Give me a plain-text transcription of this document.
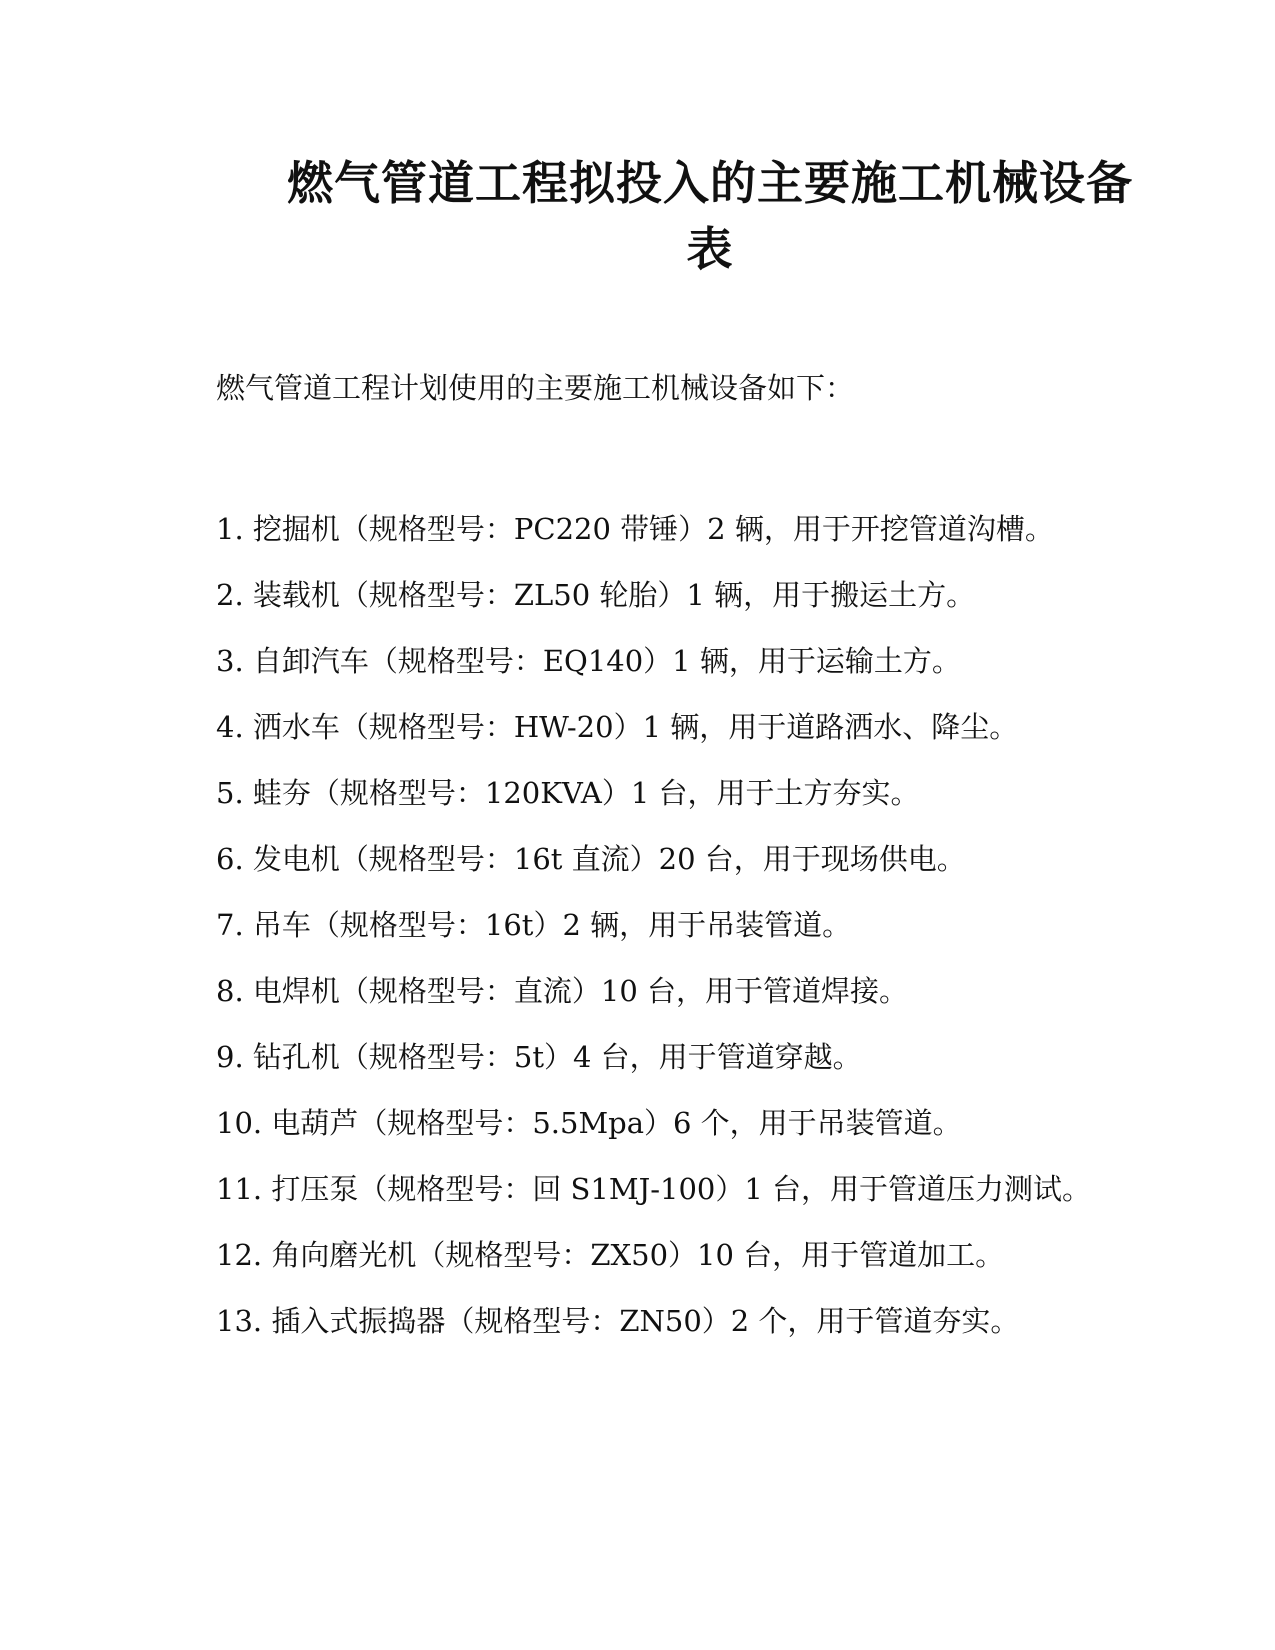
燃气管道工程拟投入的主要施工机械设备
表

燃气管道工程计划使用的主要施工机械设备如下：

1. 挖掘机（规格型号：PC220 带锤）2 辆，用于开挖管道沟槽。
2. 装载机（规格型号：ZL50 轮胎）1 辆，用于搬运土方。
3. 自卸汽车（规格型号：EQ140）1 辆，用于运输土方。
4. 洒水车（规格型号：HW-20）1 辆，用于道路洒水、降尘。
5. 蛙夯（规格型号：120KVA）1 台，用于土方夯实。
6. 发电机（规格型号：16t 直流）20 台，用于现场供电。
7. 吊车（规格型号：16t）2 辆，用于吊装管道。
8. 电焊机（规格型号：直流）10 台，用于管道焊接。
9. 钻孔机（规格型号：5t）4 台，用于管道穿越。
10. 电葫芦（规格型号：5.5Mpa）6 个，用于吊装管道。
11. 打压泵（规格型号：回 S1MJ-100）1 台，用于管道压力测试。
12. 角向磨光机（规格型号：ZX50）10 台，用于管道加工。
13. 插入式振捣器（规格型号：ZN50）2 个，用于管道夯实。
